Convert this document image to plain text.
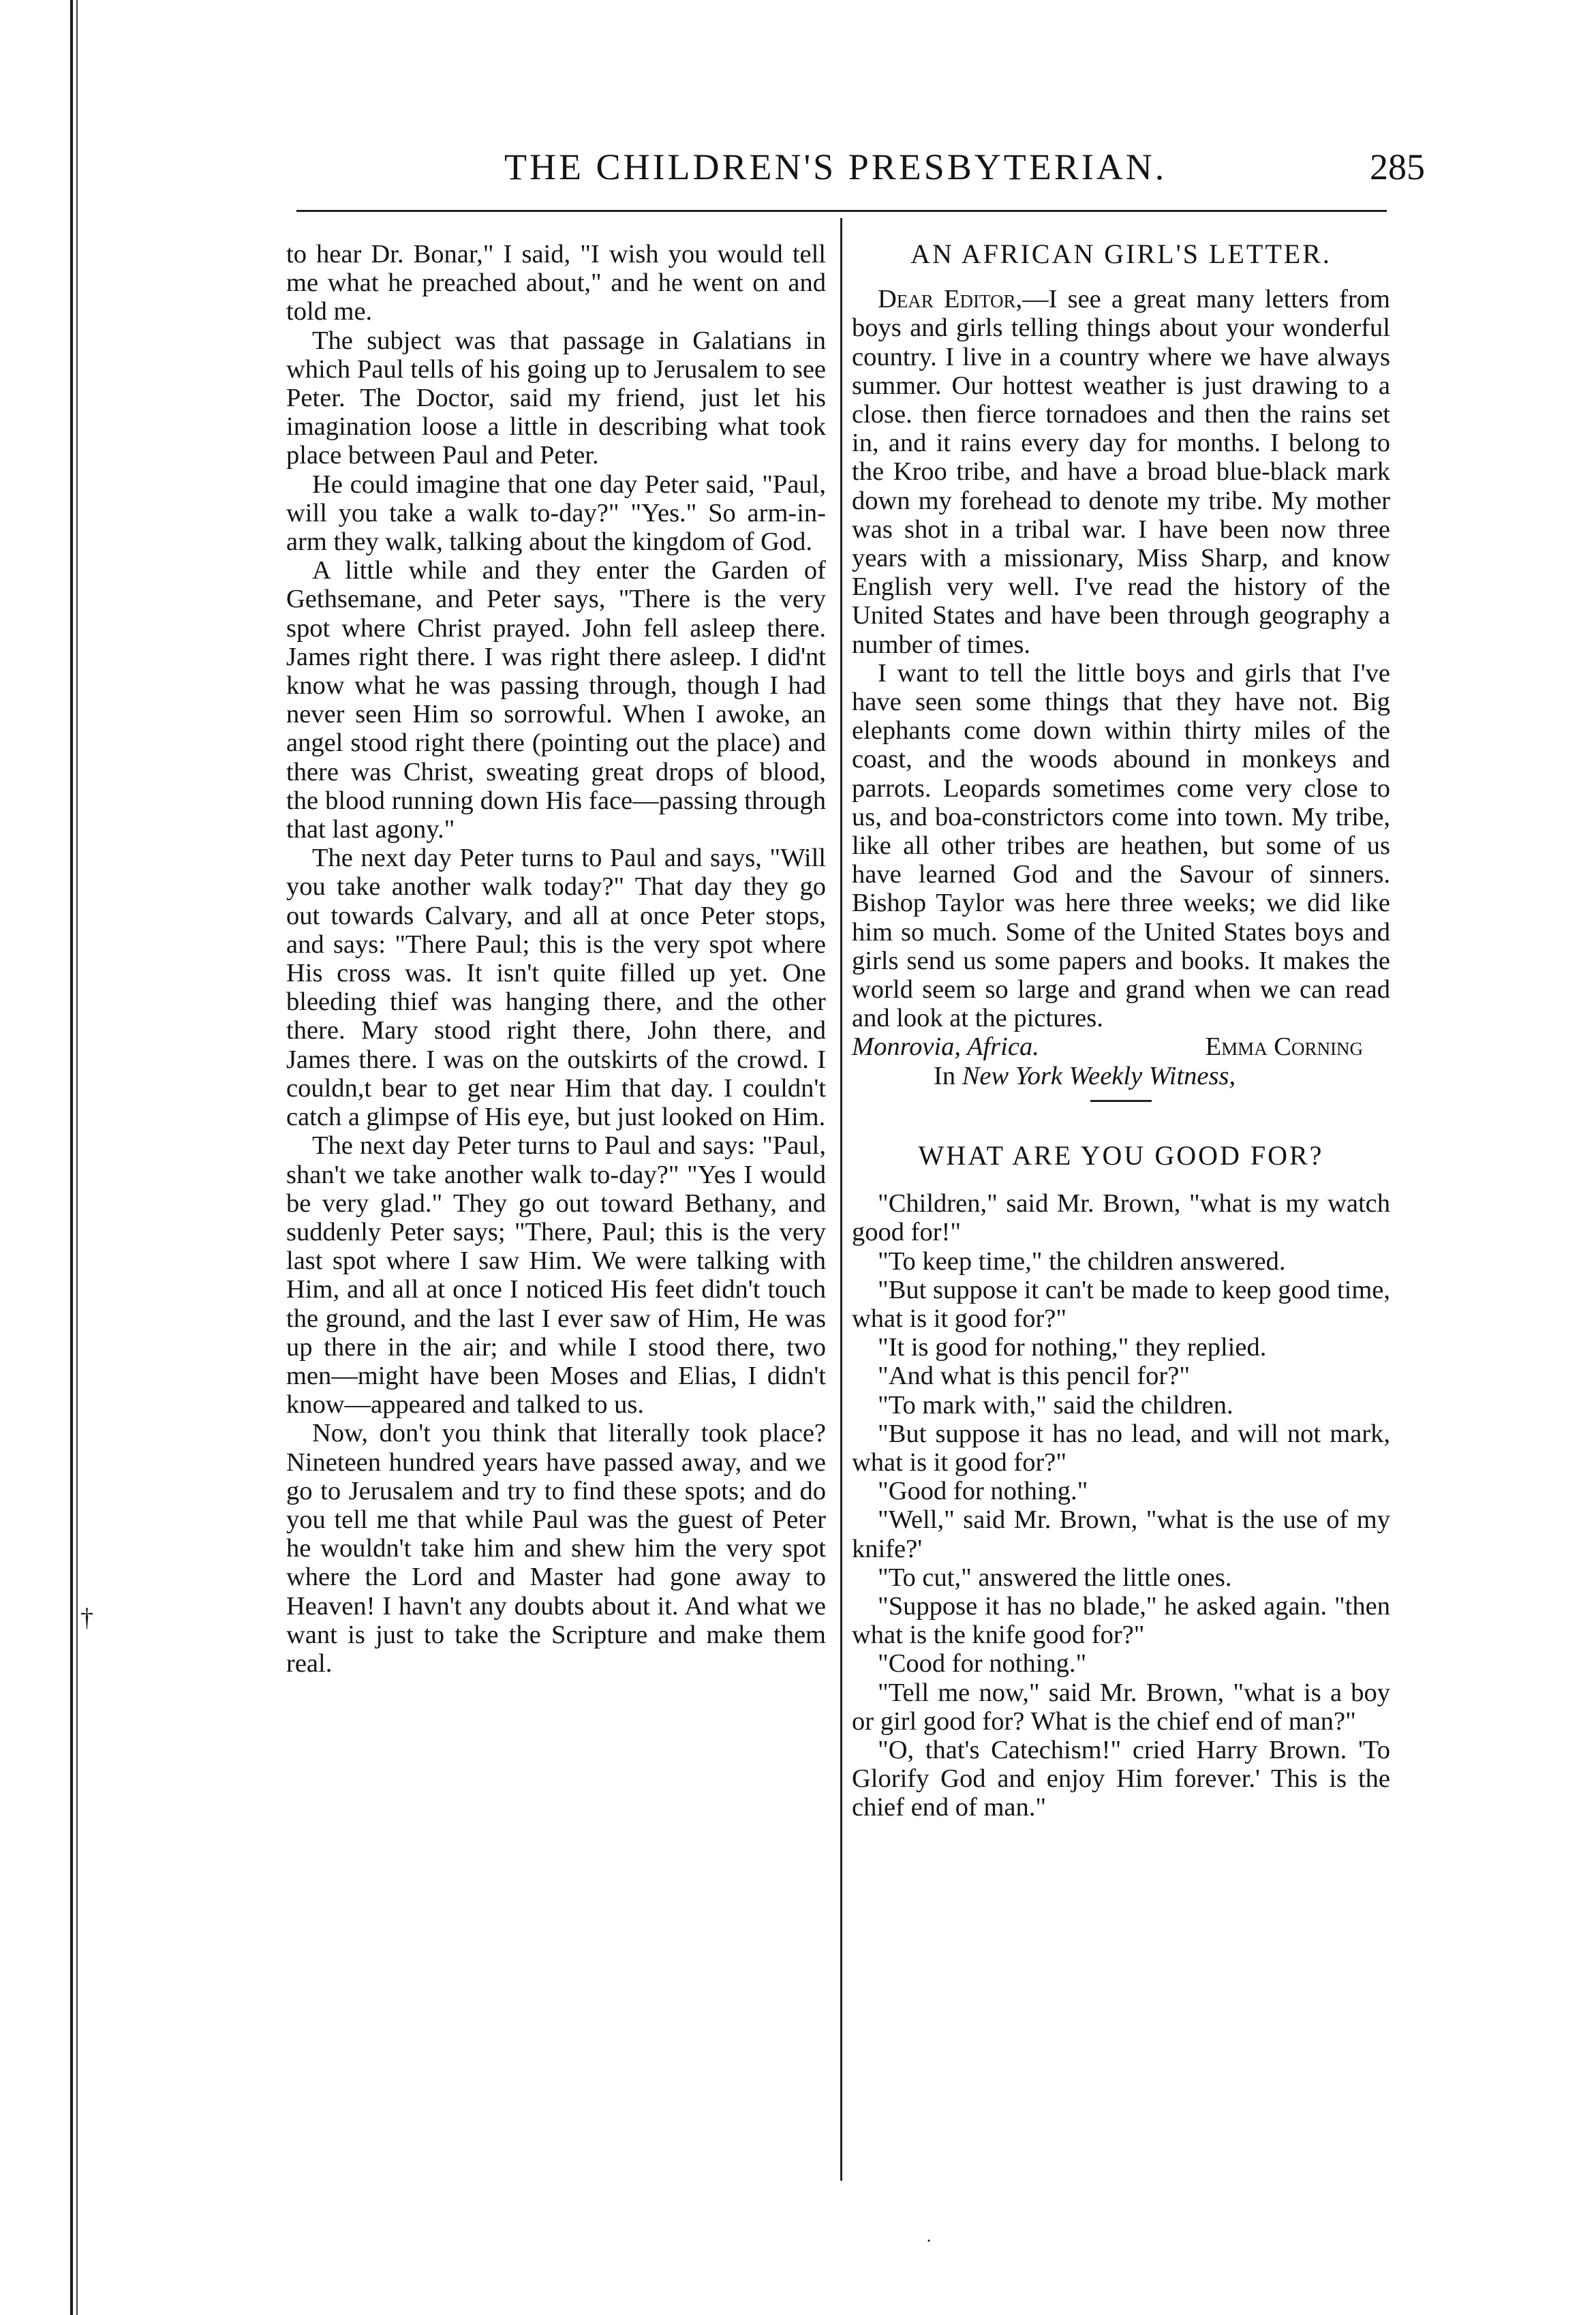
†
THE CHILDREN'S PRESBYTERIAN.	285

to hear Dr. Bonar," I said, "I wish you would tell me what he preached about," and he went on and told me.

The subject was that passage in Galatians in which Paul tells of his going up to Jerusalem to see Peter. The Doctor, said my friend, just let his imagination loose a little in describing what took place between Paul and Peter.

He could imagine that one day Peter said, "Paul, will you take a walk to-day?" "Yes." So arm-in-arm they walk, talking about the kingdom of God.

A little while and they enter the Garden of Gethsemane, and Peter says, "There is the very spot where Christ prayed. John fell asleep there. James right there. I was right there asleep. I did'nt know what he was passing through, though I had never seen Him so sorrowful. When I awoke, an angel stood right there (pointing out the place) and there was Christ, sweating great drops of blood, the blood running down His face—passing through that last agony."

The next day Peter turns to Paul and says, "Will you take another walk today?" That day they go out towards Calvary, and all at once Peter stops, and says: "There Paul; this is the very spot where His cross was. It isn't quite filled up yet. One bleeding thief was hanging there, and the other there. Mary stood right there, John there, and James there. I was on the outskirts of the crowd. I couldn,t bear to get near Him that day. I couldn't catch a glimpse of His eye, but just looked on Him.

The next day Peter turns to Paul and says: "Paul, shan't we take another walk to-day?" "Yes I would be very glad." They go out toward Bethany, and suddenly Peter says; "There, Paul; this is the very last spot where I saw Him. We were talking with Him, and all at once I noticed His feet didn't touch the ground, and the last I ever saw of Him, He was up there in the air; and while I stood there, two men—might have been Moses and Elias, I didn't know—appeared and talked to us.

Now, don't you think that literally took place? Nineteen hundred years have passed away, and we go to Jerusalem and try to find these spots; and do you tell me that while Paul was the guest of Peter he wouldn't take him and shew him the very spot where the Lord and Master had gone away to Heaven! I havn't any doubts about it. And what we want is just to take the Scripture and make them real.

AN AFRICAN GIRL'S LETTER.

Dear Editor,—I see a great many letters from boys and girls telling things about your wonderful country. I live in a country where we have always summer. Our hottest weather is just drawing to a close. then fierce tornadoes and then the rains set in, and it rains every day for months. I belong to the Kroo tribe, and have a broad blue-black mark down my forehead to denote my tribe. My mother was shot in a tribal war. I have been now three years with a missionary, Miss Sharp, and know English very well. I've read the history of the United States and have been through geography a number of times.

I want to tell the little boys and girls that I've have seen some things that they have not. Big elephants come down within thirty miles of the coast, and the woods abound in monkeys and parrots. Leopards sometimes come very close to us, and boa-constrictors come into town. My tribe, like all other tribes are heathen, but some of us have learned God and the Savour of sinners. Bishop Taylor was here three weeks; we did like him so much. Some of the United States boys and girls send us some papers and books. It makes the world seem so large and grand when we can read and look at the pictures.

Monrovia, Africa.	Emma Corning
In New York Weekly Witness,
WHAT ARE YOU GOOD FOR?

"Children," said Mr. Brown, "what is my watch good for!"

"To keep time," the children answered.

"But suppose it can't be made to keep good time, what is it good for?"

"It is good for nothing," they replied.

"And what is this pencil for?"

"To mark with," said the children.

"But suppose it has no lead, and will not mark, what is it good for?"

"Good for nothing."

"Well," said Mr. Brown, "what is the use of my knife?'

"To cut," answered the little ones.

"Suppose it has no blade," he asked again. "then what is the knife good for?"

"Cood for nothing."

"Tell me now," said Mr. Brown, "what is a boy or girl good for? What is the chief end of man?"

"O, that's Catechism!" cried Harry Brown. 'To Glorify God and enjoy Him forever.' This is the chief end of man."

˙
